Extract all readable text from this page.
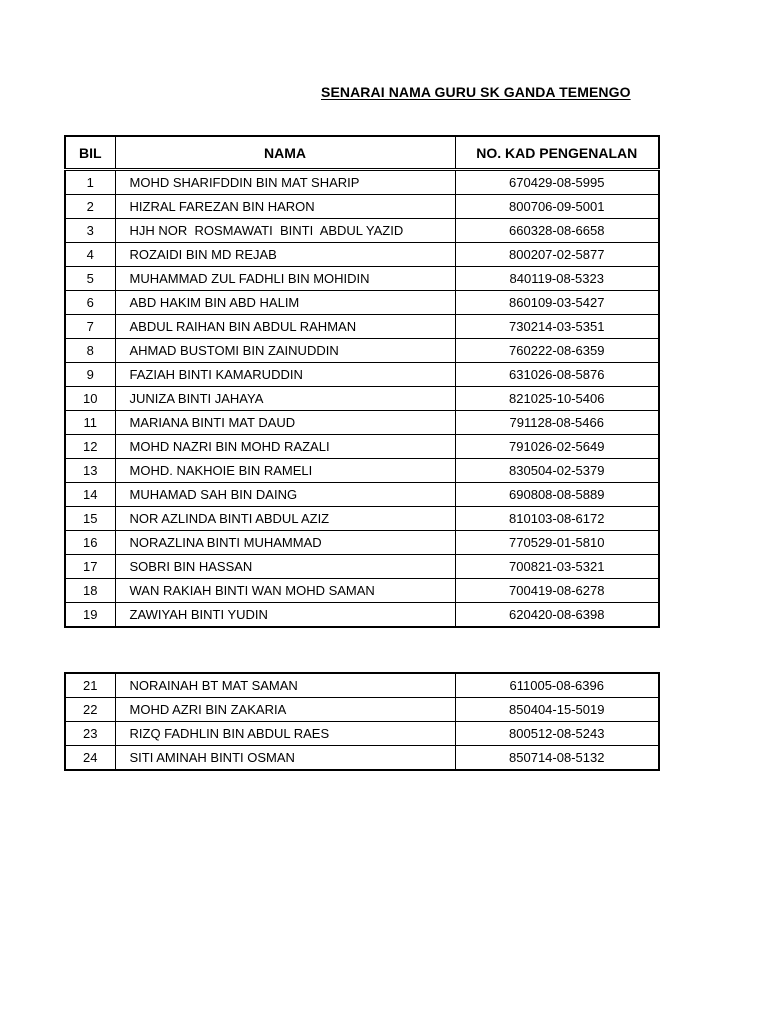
SENARAI NAMA GURU SK GANDA TEMENGO
BIL	NAMA	NO. KAD PENGENALAN
1	MOHD SHARIFDDIN BIN MAT SHARIP	670429-08-5995
2	HIZRAL FAREZAN BIN HARON	800706-09-5001
3	HJH NOR  ROSMAWATI  BINTI  ABDUL YAZID	660328-08-6658
4	ROZAIDI BIN MD REJAB	800207-02-5877
5	MUHAMMAD ZUL FADHLI BIN MOHIDIN	840119-08-5323
6	ABD HAKIM BIN ABD HALIM	860109-03-5427
7	ABDUL RAIHAN BIN ABDUL RAHMAN	730214-03-5351
8	AHMAD BUSTOMI BIN ZAINUDDIN	760222-08-6359
9	FAZIAH BINTI KAMARUDDIN	631026-08-5876
10	JUNIZA BINTI JAHAYA	821025-10-5406
11	MARIANA BINTI MAT DAUD	791128-08-5466
12	MOHD NAZRI BIN MOHD RAZALI	791026-02-5649
13	MOHD. NAKHOIE BIN RAMELI	830504-02-5379
14	MUHAMAD SAH BIN DAING	690808-08-5889
15	NOR AZLINDA BINTI ABDUL AZIZ	810103-08-6172
16	NORAZLINA BINTI MUHAMMAD	770529-01-5810
17	SOBRI BIN HASSAN	700821-03-5321
18	WAN RAKIAH BINTI WAN MOHD SAMAN	700419-08-6278
19	ZAWIYAH BINTI YUDIN	620420-08-6398
21	NORAINAH BT MAT SAMAN	611005-08-6396
22	MOHD AZRI BIN ZAKARIA	850404-15-5019
23	RIZQ FADHLIN BIN ABDUL RAES	800512-08-5243
24	SITI AMINAH BINTI OSMAN	850714-08-5132
